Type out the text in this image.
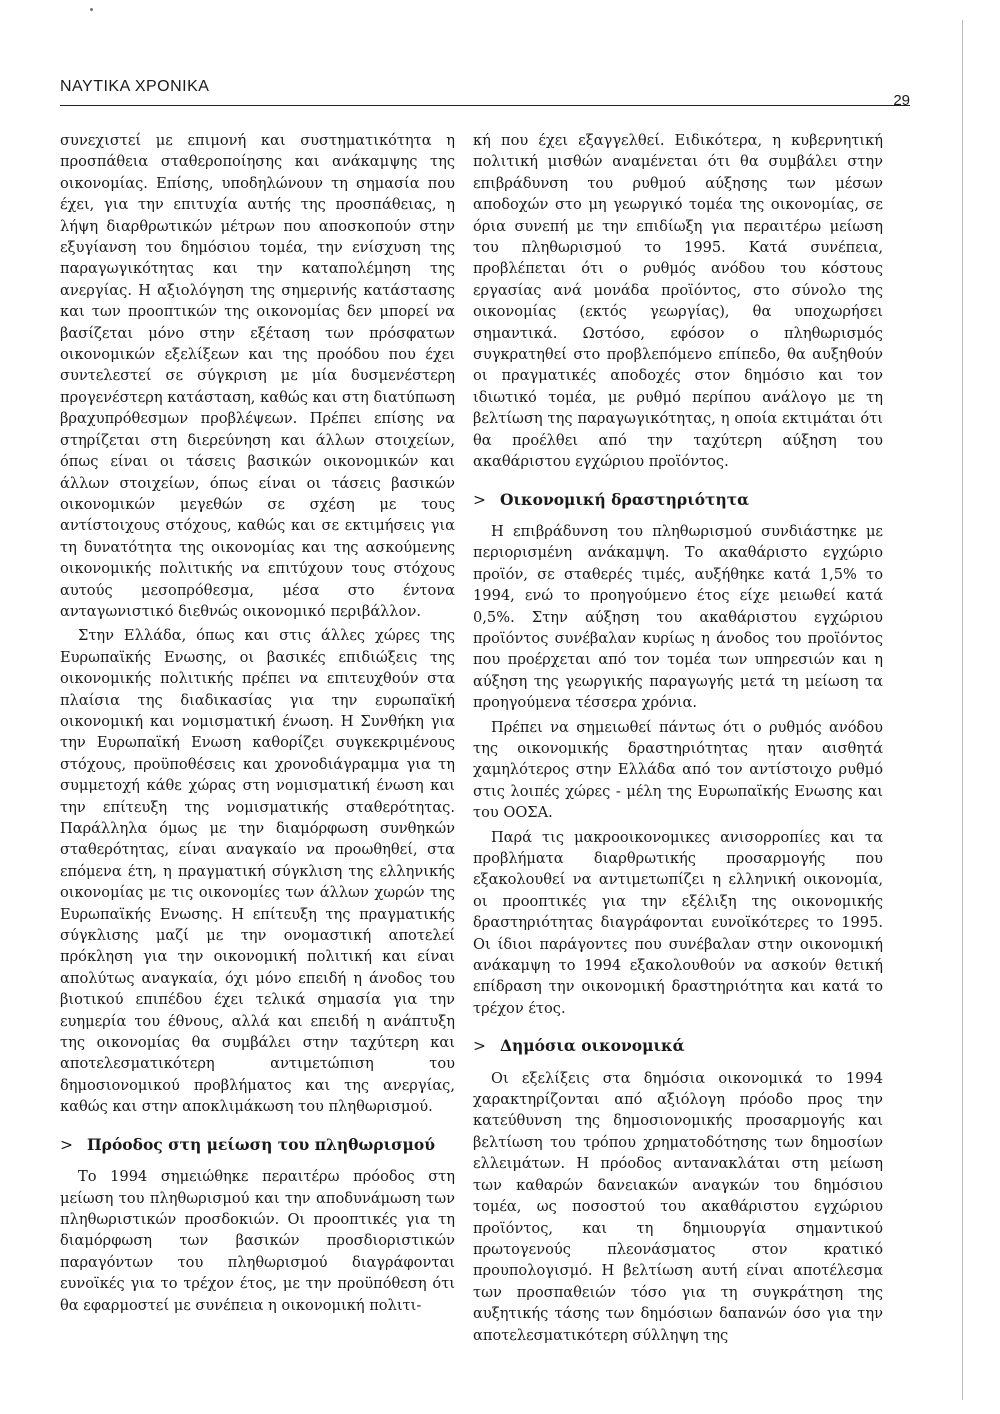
ΝΑΥΤΙΚΑ ΧΡΟΝΙΚΑ
29

συνεχιστεί με επιμονή και συστηματικότητα η προσπάθεια σταθεροποίησης και ανάκαμψης της οικονομίας. Επίσης, υποδηλώνουν τη σημασία που έχει, για την επιτυχία αυτής της προσπάθειας, η λήψη διαρθρωτικών μέτρων που αποσκοπούν στην εξυγίανση του δημόσιου τομέα, την ενίσχυση της παραγωγικότητας και την καταπολέμηση της ανεργίας. Η αξιολόγηση της σημερινής κατάστασης και των προοπτικών της οικονομίας δεν μπορεί να βασίζεται μόνο στην εξέταση των πρόσφατων οικονομικών εξελίξεων και της προόδου που έχει συντελεστεί σε σύγκριση με μία δυσμενέστερη προγενέστερη κατάσταση, καθώς και στη διατύπωση βραχυπρόθεσμων προβλέψεων. Πρέπει επίσης να στηρίζεται στη διερεύνηση και άλλων στοιχείων, όπως είναι οι τάσεις βασικών οικονομικών και άλλων στοιχείων, όπως είναι οι τάσεις βασικών οικονομικών μεγεθών σε σχέση με τους αντίστοιχους στόχους, καθώς και σε εκτιμήσεις για τη δυνατότητα της οικονομίας και της ασκούμενης οικονομικής πολιτικής να επιτύχουν τους στόχους αυτούς μεσοπρόθεσμα, μέσα στο έντονα ανταγωνιστικό διεθνώς οικονομικό περιβάλλον.

Στην Ελλάδα, όπως και στις άλλες χώρες της Ευρωπαϊκής Ενωσης, οι βασικές επιδιώξεις της οικονομικής πολιτικής πρέπει να επιτευχθούν στα πλαίσια της διαδικασίας για την ευρωπαϊκή οικονομική και νομισματική ένωση. Η Συνθήκη για την Ευρωπαϊκή Ενωση καθορίζει συγκεκριμένους στόχους, προϋποθέσεις και χρονοδιάγραμμα για τη συμμετοχή κάθε χώρας στη νομισματική ένωση και την επίτευξη της νομισματικής σταθερότητας. Παράλληλα όμως με την διαμόρφωση συνθηκών σταθερότητας, είναι αναγκαίο να προωθηθεί, στα επόμενα έτη, η πραγματική σύγκλιση της ελληνικής οικονομίας με τις οικονομίες των άλλων χωρών της Ευρωπαϊκής Ενωσης. Η επίτευξη της πραγματικής σύγκλισης μαζί με την ονομαστική αποτελεί πρόκληση για την οικονομική πολιτική και είναι απολύτως αναγκαία, όχι μόνο επειδή η άνοδος του βιοτικού επιπέδου έχει τελικά σημασία για την ευημερία του έθνους, αλλά και επειδή η ανάπτυξη της οικονομίας θα συμβάλει στην ταχύτερη και αποτελεσματικότερη αντιμετώπιση του δημοσιονομικού προβλήματος και της ανεργίας, καθώς και στην αποκλιμάκωση του πληθωρισμού.

> Πρόοδος στη μείωση του πληθωρισμού

Το 1994 σημειώθηκε περαιτέρω πρόοδος στη μείωση του πληθωρισμού και την αποδυνάμωση των πληθωριστικών προσδοκιών. Οι προοπτικές για τη διαμόρφωση των βασικών προσδιοριστικών παραγόντων του πληθωρισμού διαγράφονται ευνοϊκές για το τρέχον έτος, με την προϋπόθεση ότι θα εφαρμοστεί με συνέπεια η οικονομική πολιτι-

κή που έχει εξαγγελθεί. Ειδικότερα, η κυβερνητική πολιτική μισθών αναμένεται ότι θα συμβάλει στην επιβράδυνση του ρυθμού αύξησης των μέσων αποδοχών στο μη γεωργικό τομέα της οικονομίας, σε όρια συνεπή με την επιδίωξη για περαιτέρω μείωση του πληθωρισμού το 1995. Κατά συνέπεια, προβλέπεται ότι ο ρυθμός ανόδου του κόστους εργασίας ανά μονάδα προϊόντος, στο σύνολο της οικονομίας (εκτός γεωργίας), θα υποχωρήσει σημαντικά. Ωστόσο, εφόσον ο πληθωρισμός συγκρατηθεί στο προβλεπόμενο επίπεδο, θα αυξηθούν οι πραγματικές αποδοχές στον δημόσιο και τον ιδιωτικό τομέα, με ρυθμό περίπου ανάλογο με τη βελτίωση της παραγωγικότητας, η οποία εκτιμάται ότι θα προέλθει από την ταχύτερη αύξηση του ακαθάριστου εγχώριου προϊόντος.

> Οικονομική δραστηριότητα

Η επιβράδυνση του πληθωρισμού συνδιάστηκε με περιορισμένη ανάκαμψη. Το ακαθάριστο εγχώριο προϊόν, σε σταθερές τιμές, αυξήθηκε κατά 1,5% το 1994, ενώ το προηγούμενο έτος είχε μειωθεί κατά 0,5%. Στην αύξηση του ακαθάριστου εγχώριου προϊόντος συνέβαλαν κυρίως η άνοδος του προϊόντος που προέρχεται από τον τομέα των υπηρεσιών και η αύξηση της γεωργικής παραγωγής μετά τη μείωση τα προηγούμενα τέσσερα χρόνια.

Πρέπει να σημειωθεί πάντως ότι ο ρυθμός ανόδου της οικονομικής δραστηριότητας ηταν αισθητά χαμηλότερος στην Ελλάδα από τον αντίστοιχο ρυθμό στις λοιπές χώρες - μέλη της Ευρωπαϊκής Ενωσης και του ΟΟΣΑ.

Παρά τις μακροοικονομικες ανισορροπίες και τα προβλήματα διαρθρωτικής προσαρμογής που εξακολουθεί να αντιμετωπίζει η ελληνική οικονομία, οι προοπτικές για την εξέλιξη της οικονομικής δραστηριότητας διαγράφονται ευνοϊκότερες το 1995. Οι ίδιοι παράγοντες που συνέβαλαν στην οικονομική ανάκαμψη το 1994 εξακολουθούν να ασκούν θετική επίδραση την οικονομική δραστηριότητα και κατά το τρέχον έτος.

> Δημόσια οικονομικά

Οι εξελίξεις στα δημόσια οικονομικά το 1994 χαρακτηρίζονται από αξιόλογη πρόοδο προς την κατεύθυνση της δημοσιονομικής προσαρμογής και βελτίωση του τρόπου χρηματοδότησης των δημοσίων ελλειμάτων. Η πρόοδος αντανακλάται στη μείωση των καθαρών δανειακών αναγκών του δημόσιου τομέα, ως ποσοστού του ακαθάριστου εγχώριου προϊόντος, και τη δημιουργία σημαντικού πρωτογενούς πλεονάσματος στον κρατικό προυπολογισμό. Η βελτίωση αυτή είναι αποτέλεσμα των προσπαθειών τόσο για τη συγκράτηση της αυξητικής τάσης των δημόσιων δαπανών όσο για την αποτελεσματικότερη σύλληψη της
